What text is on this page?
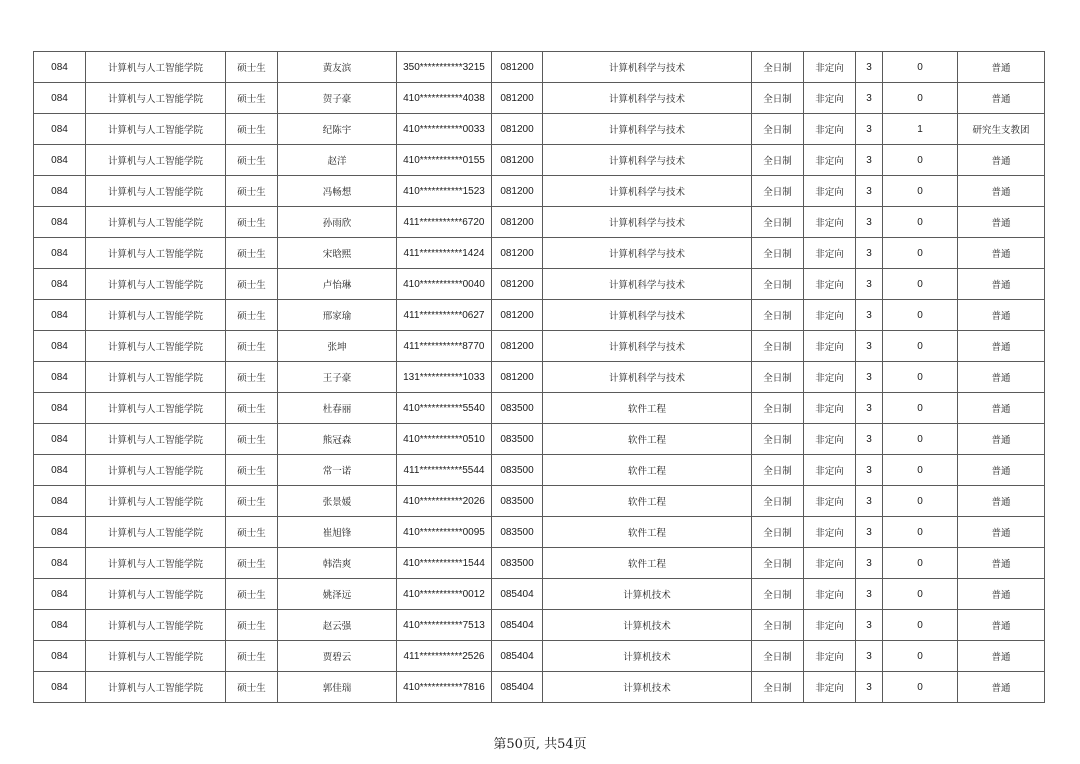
084	计算机与人工智能学院	硕士生	黄友滨	350***********3215	081200	计算机科学与技术	全日制	非定向	3	0	普通
084	计算机与人工智能学院	硕士生	贺子豪	410***********4038	081200	计算机科学与技术	全日制	非定向	3	0	普通
084	计算机与人工智能学院	硕士生	纪陈宇	410***********0033	081200	计算机科学与技术	全日制	非定向	3	1	研究生支教团
084	计算机与人工智能学院	硕士生	赵洋	410***********0155	081200	计算机科学与技术	全日制	非定向	3	0	普通
084	计算机与人工智能学院	硕士生	冯畅想	410***********1523	081200	计算机科学与技术	全日制	非定向	3	0	普通
084	计算机与人工智能学院	硕士生	孙雨欣	411***********6720	081200	计算机科学与技术	全日制	非定向	3	0	普通
084	计算机与人工智能学院	硕士生	宋晗熙	411***********1424	081200	计算机科学与技术	全日制	非定向	3	0	普通
084	计算机与人工智能学院	硕士生	卢怡琳	410***********0040	081200	计算机科学与技术	全日制	非定向	3	0	普通
084	计算机与人工智能学院	硕士生	邢家瑜	411***********0627	081200	计算机科学与技术	全日制	非定向	3	0	普通
084	计算机与人工智能学院	硕士生	张坤	411***********8770	081200	计算机科学与技术	全日制	非定向	3	0	普通
084	计算机与人工智能学院	硕士生	王子豪	131***********1033	081200	计算机科学与技术	全日制	非定向	3	0	普通
084	计算机与人工智能学院	硕士生	杜春丽	410***********5540	083500	软件工程	全日制	非定向	3	0	普通
084	计算机与人工智能学院	硕士生	熊冠森	410***********0510	083500	软件工程	全日制	非定向	3	0	普通
084	计算机与人工智能学院	硕士生	常一诺	411***********5544	083500	软件工程	全日制	非定向	3	0	普通
084	计算机与人工智能学院	硕士生	张景媛	410***********2026	083500	软件工程	全日制	非定向	3	0	普通
084	计算机与人工智能学院	硕士生	崔旭锋	410***********0095	083500	软件工程	全日制	非定向	3	0	普通
084	计算机与人工智能学院	硕士生	韩浩爽	410***********1544	083500	软件工程	全日制	非定向	3	0	普通
084	计算机与人工智能学院	硕士生	姚泽远	410***********0012	085404	计算机技术	全日制	非定向	3	0	普通
084	计算机与人工智能学院	硕士生	赵云强	410***********7513	085404	计算机技术	全日制	非定向	3	0	普通
084	计算机与人工智能学院	硕士生	贾碧云	411***********2526	085404	计算机技术	全日制	非定向	3	0	普通
084	计算机与人工智能学院	硕士生	郭佳瑞	410***********7816	085404	计算机技术	全日制	非定向	3	0	普通
第50页, 共54页
